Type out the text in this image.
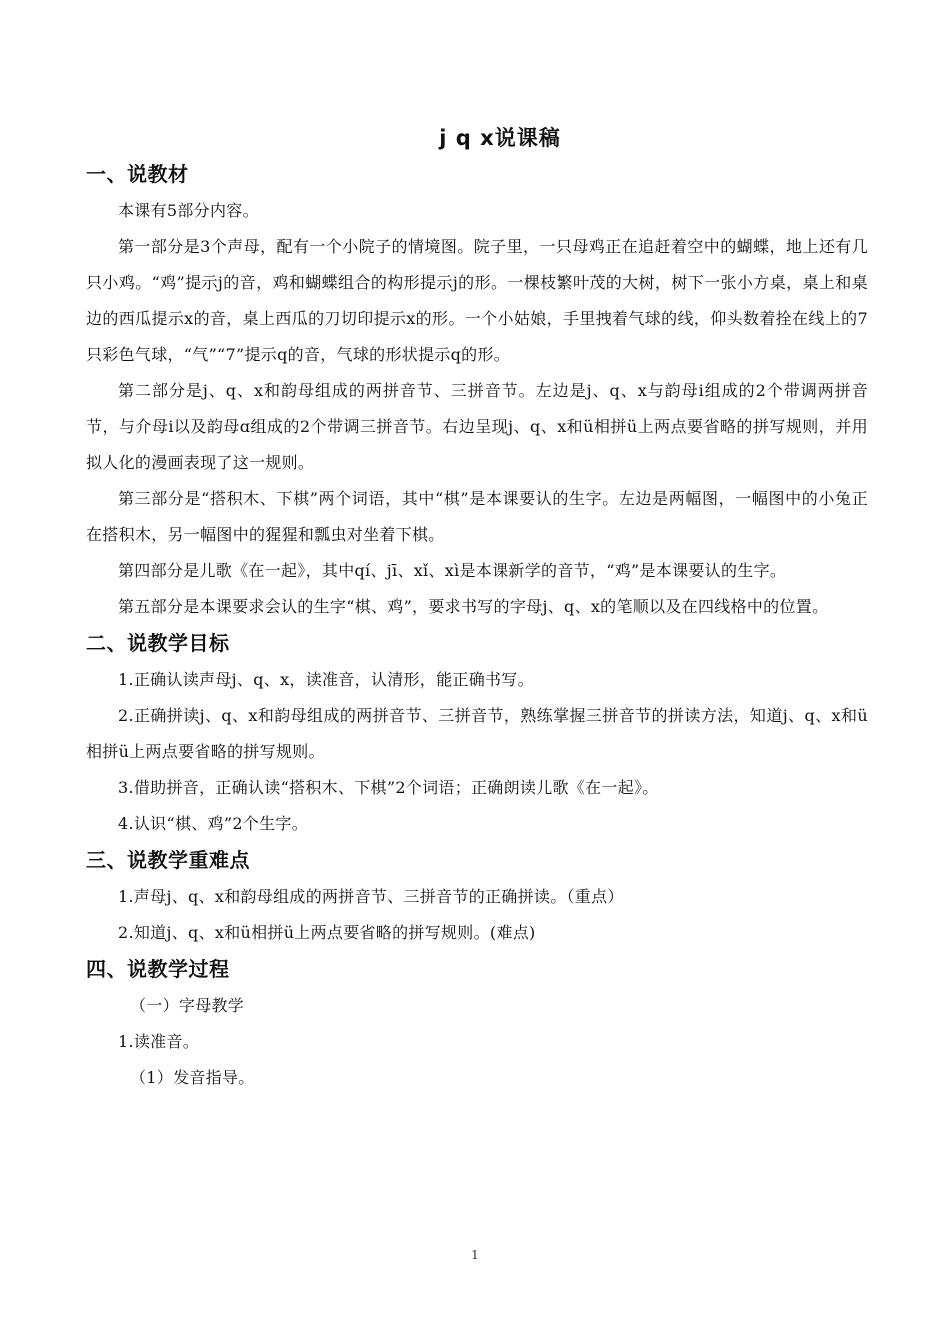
j q x说课稿
一、说教材

本课有5部分内容。

第一部分是3个声母，配有一个小院子的情境图。院子里，一只母鸡正在追赶着空中的蝴蝶，地上还有几只小鸡。“鸡”提示j的音，鸡和蝴蝶组合的构形提示j的形。一棵枝繁叶茂的大树，树下一张小方桌，桌上和桌边的西瓜提示x的音，桌上西瓜的刀切印提示x的形。一个小姑娘，手里拽着气球的线，仰头数着拴在线上的7只彩色气球，“气”“7”提示q的音，气球的形状提示q的形。

第二部分是j、q、x和韵母组成的两拼音节、三拼音节。左边是j、q、x与韵母i组成的2个带调两拼音节，与介母i以及韵母ɑ组成的2个带调三拼音节。右边呈现j、q、x和ü相拼ü上两点要省略的拼写规则，并用拟人化的漫画表现了这一规则。

第三部分是“搭积木、下棋”两个词语，其中“棋”是本课要认的生字。左边是两幅图，一幅图中的小兔正在搭积木，另一幅图中的猩猩和瓢虫对坐着下棋。

第四部分是儿歌《在一起》，其中qí、jī、xǐ、xì是本课新学的音节，“鸡”是本课要认的生字。

第五部分是本课要求会认的生字“棋、鸡”，要求书写的字母j、q、x的笔顺以及在四线格中的位置。

二、说教学目标

1.正确认读声母j、q、x，读准音，认清形，能正确书写。

2.正确拼读j、q、x和韵母组成的两拼音节、三拼音节，熟练掌握三拼音节的拼读方法，知道j、q、x和ü相拼ü上两点要省略的拼写规则。

3.借助拼音，正确认读“搭积木、下棋”2个词语；正确朗读儿歌《在一起》。

4.认识“棋、鸡”2个生字。

三、说教学重难点

1.声母j、q、x和韵母组成的两拼音节、三拼音节的正确拼读。（重点）

2.知道j、q、x和ü相拼ü上两点要省略的拼写规则。(难点)

四、说教学过程

（一）字母教学

1.读准音。

（1）发音指导。

1
